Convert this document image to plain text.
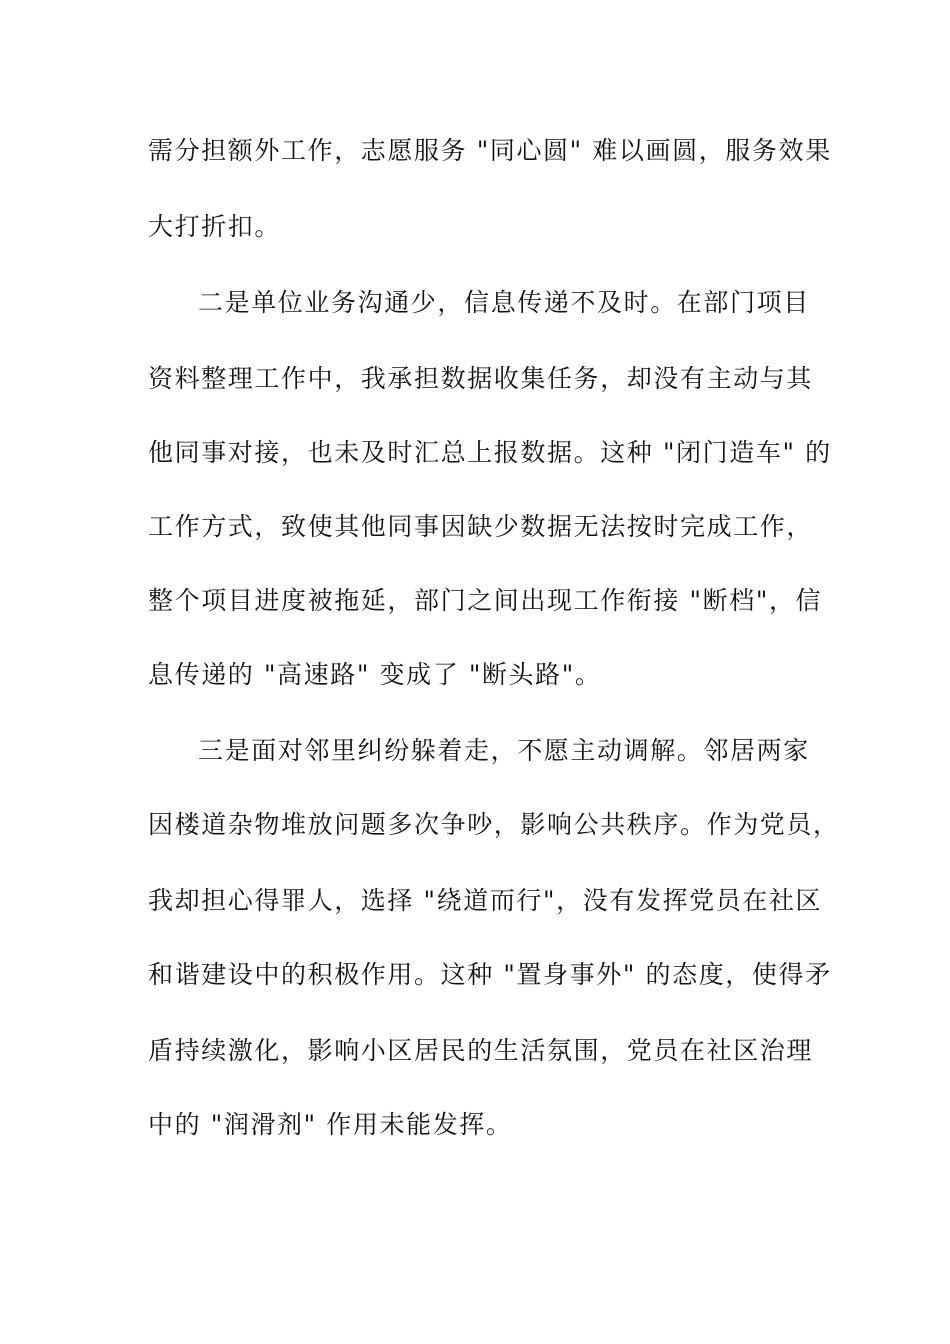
需分担额外工作，志愿服务 "同心圆" 难以画圆，服务效果
大打折扣。
二是单位业务沟通少，信息传递不及时。在部门项目
资料整理工作中，我承担数据收集任务，却没有主动与其
他同事对接，也未及时汇总上报数据。这种 "闭门造车" 的
工作方式，致使其他同事因缺少数据无法按时完成工作，
整个项目进度被拖延，部门之间出现工作衔接 "断档"，信
息传递的 "高速路" 变成了 "断头路"。
三是面对邻里纠纷躲着走，不愿主动调解。邻居两家
因楼道杂物堆放问题多次争吵，影响公共秩序。作为党员，
我却担心得罪人，选择 "绕道而行"，没有发挥党员在社区
和谐建设中的积极作用。这种 "置身事外" 的态度，使得矛
盾持续激化，影响小区居民的生活氛围，党员在社区治理
中的 "润滑剂" 作用未能发挥。
